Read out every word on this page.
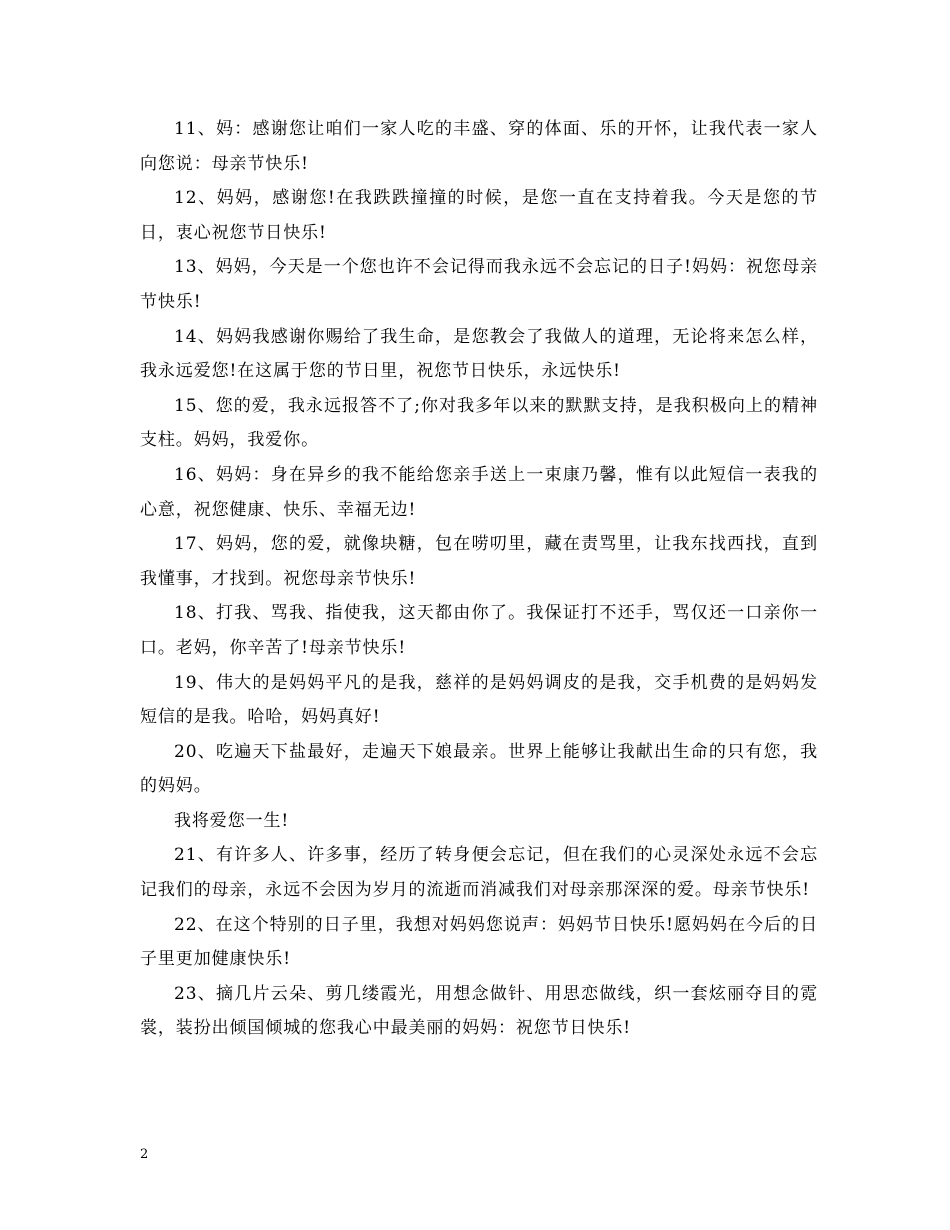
11、妈：感谢您让咱们一家人吃的丰盛、穿的体面、乐的开怀，让我代表一家人向您说：母亲节快乐!

12、妈妈，感谢您!在我跌跌撞撞的时候，是您一直在支持着我。今天是您的节日，衷心祝您节日快乐!

13、妈妈，今天是一个您也许不会记得而我永远不会忘记的日子!妈妈：祝您母亲节快乐!

14、妈妈我感谢你赐给了我生命，是您教会了我做人的道理，无论将来怎么样，我永远爱您!在这属于您的节日里，祝您节日快乐，永远快乐!

15、您的爱，我永远报答不了;你对我多年以来的默默支持，是我积极向上的精神支柱。妈妈，我爱你。

16、妈妈：身在异乡的我不能给您亲手送上一束康乃馨，惟有以此短信一表我的心意，祝您健康、快乐、幸福无边!

17、妈妈，您的爱，就像块糖，包在唠叨里，藏在责骂里，让我东找西找，直到我懂事，才找到。祝您母亲节快乐!

18、打我、骂我、指使我，这天都由你了。我保证打不还手，骂仅还一口亲你一口。老妈，你辛苦了!母亲节快乐!

19、伟大的是妈妈平凡的是我，慈祥的是妈妈调皮的是我，交手机费的是妈妈发短信的是我。哈哈，妈妈真好!

20、吃遍天下盐最好，走遍天下娘最亲。世界上能够让我献出生命的只有您，我的妈妈。

我将爱您一生!

21、有许多人、许多事，经历了转身便会忘记，但在我们的心灵深处永远不会忘记我们的母亲，永远不会因为岁月的流逝而消减我们对母亲那深深的爱。母亲节快乐!

22、在这个特别的日子里，我想对妈妈您说声：妈妈节日快乐!愿妈妈在今后的日子里更加健康快乐!

23、摘几片云朵、剪几缕霞光，用想念做针、用思恋做线，织一套炫丽夺目的霓裳，装扮出倾国倾城的您我心中最美丽的妈妈：祝您节日快乐!

2
